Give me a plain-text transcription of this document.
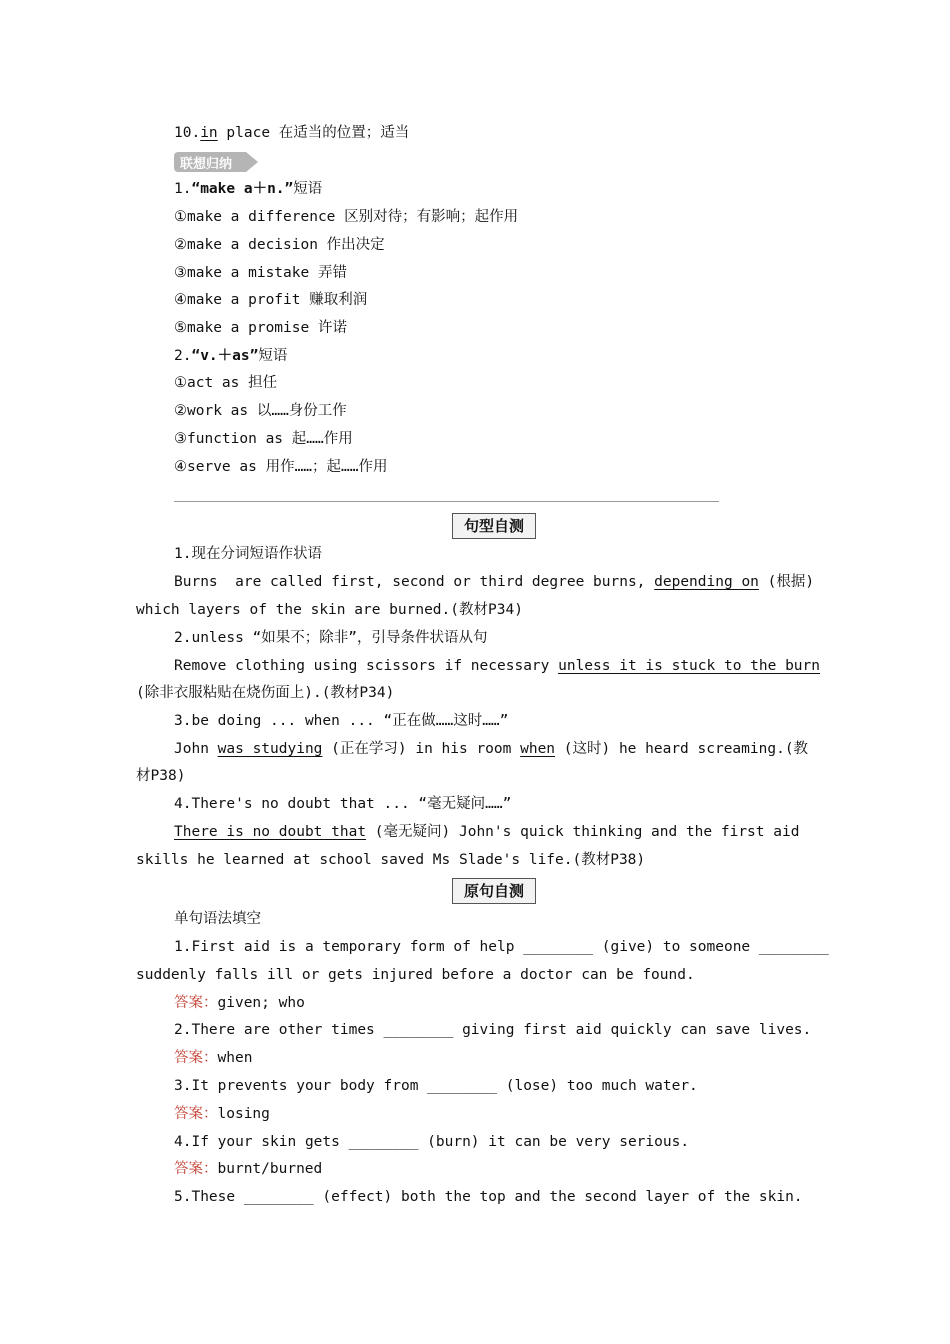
10.in place 在适当的位置；适当
联想归纳
1.“make a＋n.”短语
①make a difference 区别对待；有影响；起作用
②make a decision 作出决定
③make a mistake 弄错
④make a profit 赚取利润
⑤make a promise 许诺
2.“v.＋as”短语
①act as 担任
②work as 以……身份工作
③function as 起……作用
④serve as 用作……；起……作用
句型自测
1.现在分词短语作状语
Burns  are called first, second or third degree burns, depending on (根据)
which layers of the skin are burned.(教材P34)
2.unless “如果不；除非”，引导条件状语从句
Remove clothing using scissors if necessary unless it is stuck to the burn
(除非衣服粘贴在烧伤面上).(教材P34)
3.be doing ... when ... “正在做……这时……”
John was studying (正在学习) in his room when (这时) he heard screaming.(教
材P38)
4.There's no doubt that ... “毫无疑问……”
There is no doubt that (毫无疑问) John's quick thinking and the first aid
skills he learned at school saved Ms Slade's life.(教材P38)
原句自测
单句语法填空
1.First aid is a temporary form of help ________ (give) to someone ________
suddenly falls ill or gets injured before a doctor can be found.
答案：given; who
2.There are other times ________ giving first aid quickly can save lives.
答案：when
3.It prevents your body from ________ (lose) too much water.
答案：losing
4.If your skin gets ________ (burn) it can be very serious.
答案：burnt/burned
5.These ________ (effect) both the top and the second layer of the skin.
